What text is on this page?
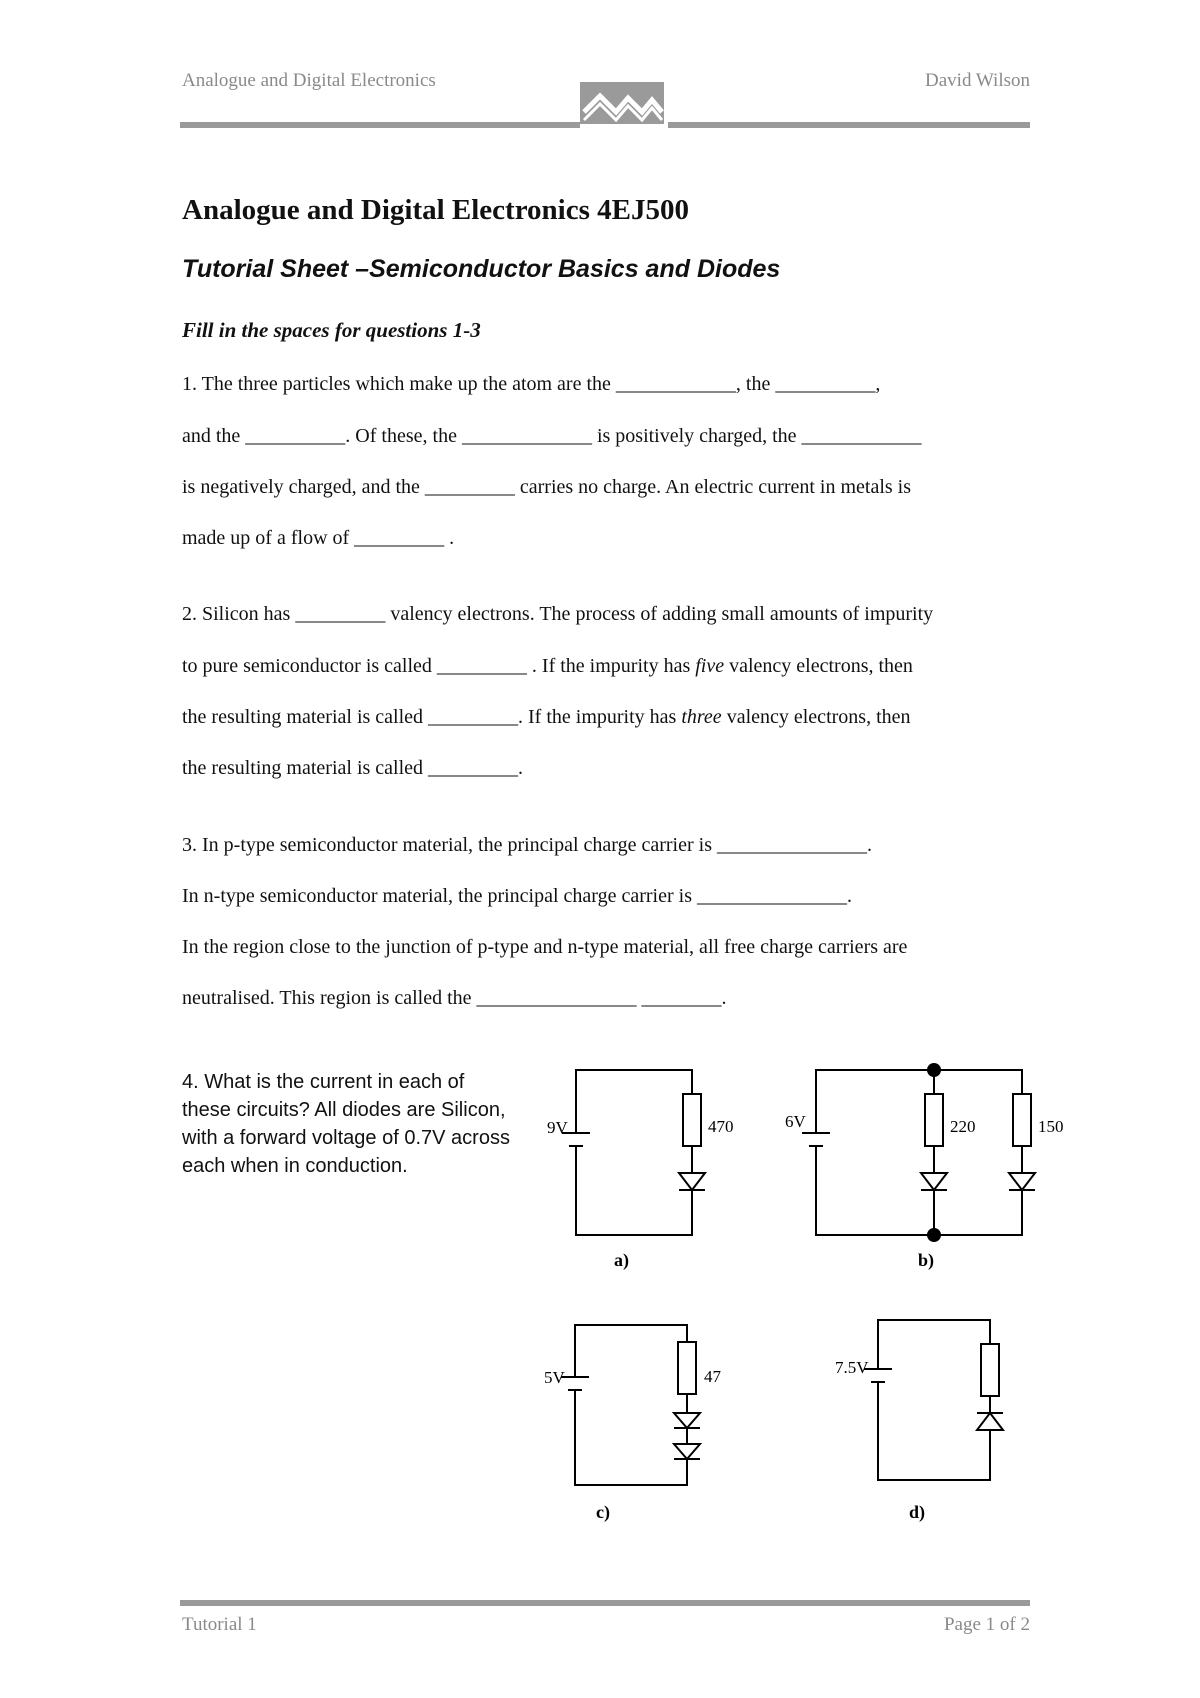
Analogue and Digital Electronics	David Wilson
Analogue and Digital Electronics 4EJ500
Tutorial Sheet –Semiconductor Basics and Diodes
Fill in the spaces for questions 1-3
1. The three particles which make up the atom are the ____________, the __________,
and the __________. Of these, the _____________ is positively charged, the ____________
is negatively charged, and the _________ carries no charge. An electric current in metals is
made up of a flow of _________ .
2. Silicon has _________ valency electrons. The process of adding small amounts of impurity
to pure semiconductor is called _________ . If the impurity has five valency electrons, then
the resulting material is called _________. If the impurity has three valency electrons, then
the resulting material is called _________.
3. In p-type semiconductor material, the principal charge carrier is _______________.
In n-type semiconductor material, the principal charge carrier is _______________.
In the region close to the junction of p-type and n-type material, all free charge carriers are
neutralised. This region is called the ________________ ________.
4. What is the current in each of these circuits? All diodes are Silicon, with a forward voltage of 0.7V across each when in conduction.
9V	470
a)
6V	220	150
b)
5V	47
c)
7.5V
d)
Tutorial 1	Page 1 of 2
